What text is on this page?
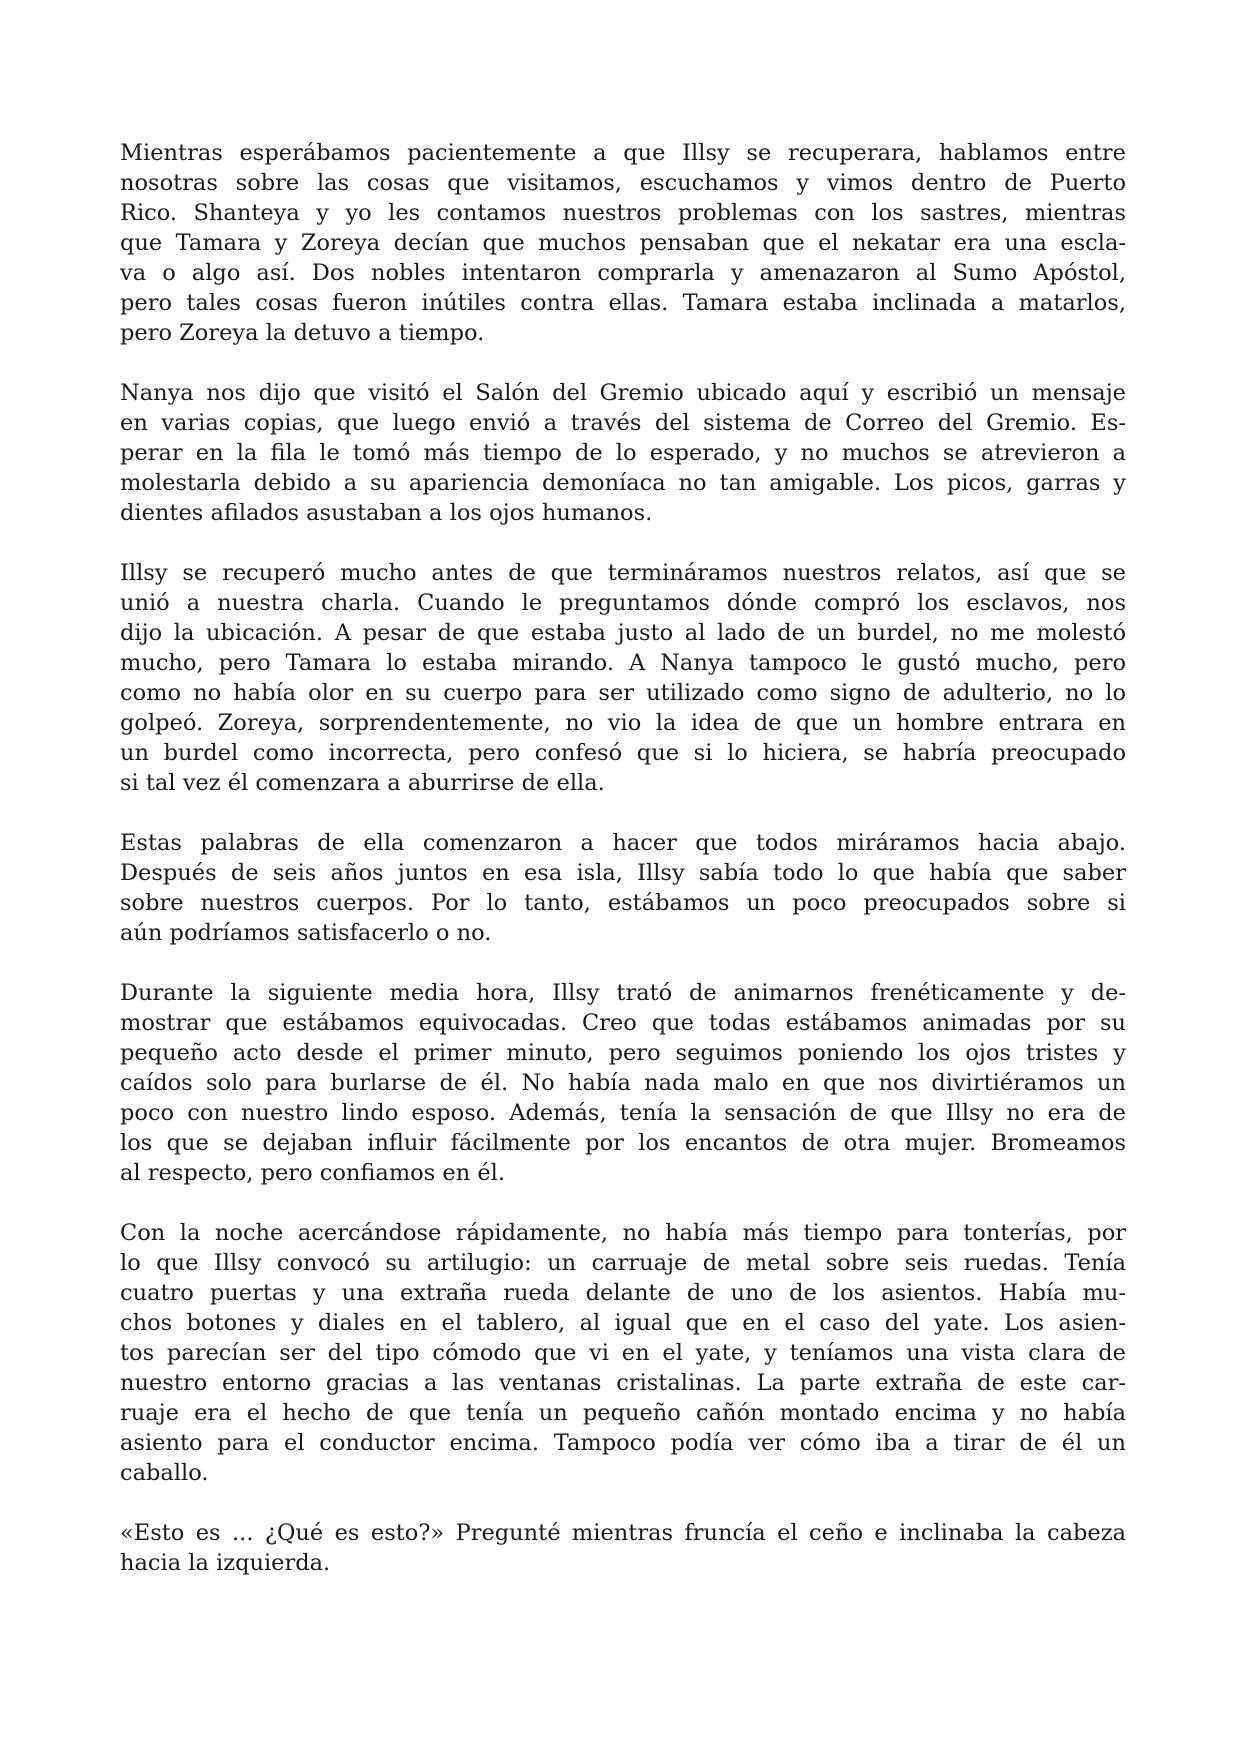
Mientras esperábamos pacientemente a que Illsy se recuperara, hablamos entre
nosotras sobre las cosas que visitamos, escuchamos y vimos dentro de Puerto
Rico. Shanteya y yo les contamos nuestros problemas con los sastres, mientras
que Tamara y Zoreya decían que muchos pensaban que el nekatar era una escla-
va o algo así. Dos nobles intentaron comprarla y amenazaron al Sumo Apóstol,
pero tales cosas fueron inútiles contra ellas. Tamara estaba inclinada a matarlos,
pero Zoreya la detuvo a tiempo.
Nanya nos dijo que visitó el Salón del Gremio ubicado aquí y escribió un mensaje
en varias copias, que luego envió a través del sistema de Correo del Gremio. Es-
perar en la fila le tomó más tiempo de lo esperado, y no muchos se atrevieron a
molestarla debido a su apariencia demoníaca no tan amigable. Los picos, garras y
dientes afilados asustaban a los ojos humanos.
Illsy se recuperó mucho antes de que termináramos nuestros relatos, así que se
unió a nuestra charla. Cuando le preguntamos dónde compró los esclavos, nos
dijo la ubicación. A pesar de que estaba justo al lado de un burdel, no me molestó
mucho, pero Tamara lo estaba mirando. A Nanya tampoco le gustó mucho, pero
como no había olor en su cuerpo para ser utilizado como signo de adulterio, no lo
golpeó. Zoreya, sorprendentemente, no vio la idea de que un hombre entrara en
un burdel como incorrecta, pero confesó que si lo hiciera, se habría preocupado
si tal vez él comenzara a aburrirse de ella.
Estas palabras de ella comenzaron a hacer que todos miráramos hacia abajo.
Después de seis años juntos en esa isla, Illsy sabía todo lo que había que saber
sobre nuestros cuerpos. Por lo tanto, estábamos un poco preocupados sobre si
aún podríamos satisfacerlo o no.
Durante la siguiente media hora, Illsy trató de animarnos frenéticamente y de-
mostrar que estábamos equivocadas. Creo que todas estábamos animadas por su
pequeño acto desde el primer minuto, pero seguimos poniendo los ojos tristes y
caídos solo para burlarse de él. No había nada malo en que nos divirtiéramos un
poco con nuestro lindo esposo. Además, tenía la sensación de que Illsy no era de
los que se dejaban influir fácilmente por los encantos de otra mujer. Bromeamos
al respecto, pero confiamos en él.
Con la noche acercándose rápidamente, no había más tiempo para tonterías, por
lo que Illsy convocó su artilugio: un carruaje de metal sobre seis ruedas. Tenía
cuatro puertas y una extraña rueda delante de uno de los asientos. Había mu-
chos botones y diales en el tablero, al igual que en el caso del yate. Los asien-
tos parecían ser del tipo cómodo que vi en el yate, y teníamos una vista clara de
nuestro entorno gracias a las ventanas cristalinas. La parte extraña de este car-
ruaje era el hecho de que tenía un pequeño cañón montado encima y no había
asiento para el conductor encima. Tampoco podía ver cómo iba a tirar de él un
caballo.
«Esto es ... ¿Qué es esto?» Pregunté mientras fruncía el ceño e inclinaba la cabeza
hacia la izquierda.
